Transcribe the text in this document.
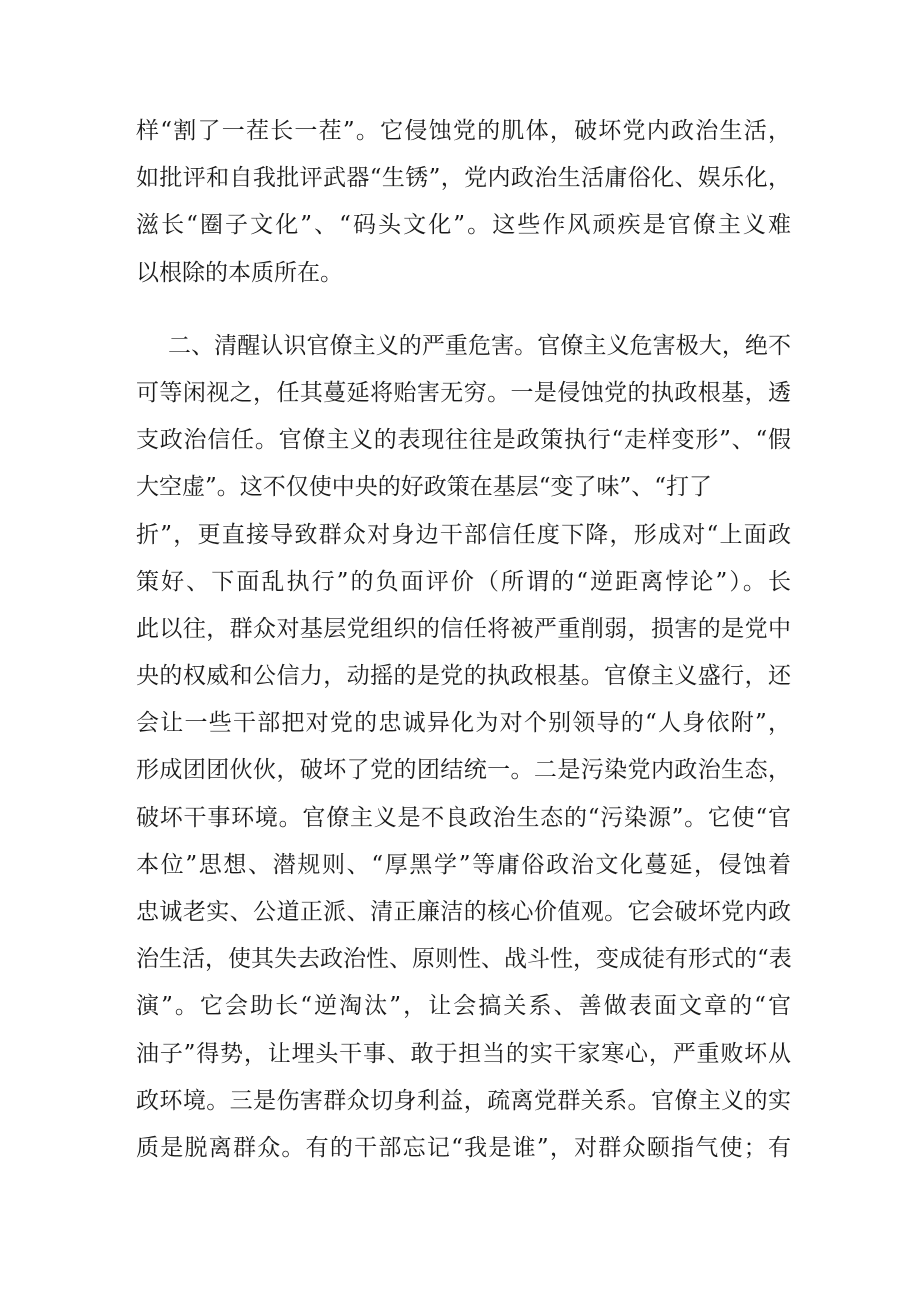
样“割了一茬长一茬”。它侵蚀党的肌体，破坏党内政治生活，
如批评和自我批评武器“生锈”，党内政治生活庸俗化、娱乐化，
滋长“圈子文化”、“码头文化”。这些作风顽疾是官僚主义难
以根除的本质所在。
二、清醒认识官僚主义的严重危害。官僚主义危害极大，绝不
可等闲视之，任其蔓延将贻害无穷。一是侵蚀党的执政根基，透
支政治信任。官僚主义的表现往往是政策执行“走样变形”、“假
大空虚”。这不仅使中央的好政策在基层“变了味”、“打了
折”，更直接导致群众对身边干部信任度下降，形成对“上面政
策好、下面乱执行”的负面评价（所谓的“逆距离悖论”）。长
此以往，群众对基层党组织的信任将被严重削弱，损害的是党中
央的权威和公信力，动摇的是党的执政根基。官僚主义盛行，还
会让一些干部把对党的忠诚异化为对个别领导的“人身依附”，
形成团团伙伙，破坏了党的团结统一。二是污染党内政治生态，
破坏干事环境。官僚主义是不良政治生态的“污染源”。它使“官
本位”思想、潜规则、“厚黑学”等庸俗政治文化蔓延，侵蚀着
忠诚老实、公道正派、清正廉洁的核心价值观。它会破坏党内政
治生活，使其失去政治性、原则性、战斗性，变成徒有形式的“表
演”。它会助长“逆淘汰”，让会搞关系、善做表面文章的“官
油子”得势，让埋头干事、敢于担当的实干家寒心，严重败坏从
政环境。三是伤害群众切身利益，疏离党群关系。官僚主义的实
质是脱离群众。有的干部忘记“我是谁”，对群众颐指气使；有
